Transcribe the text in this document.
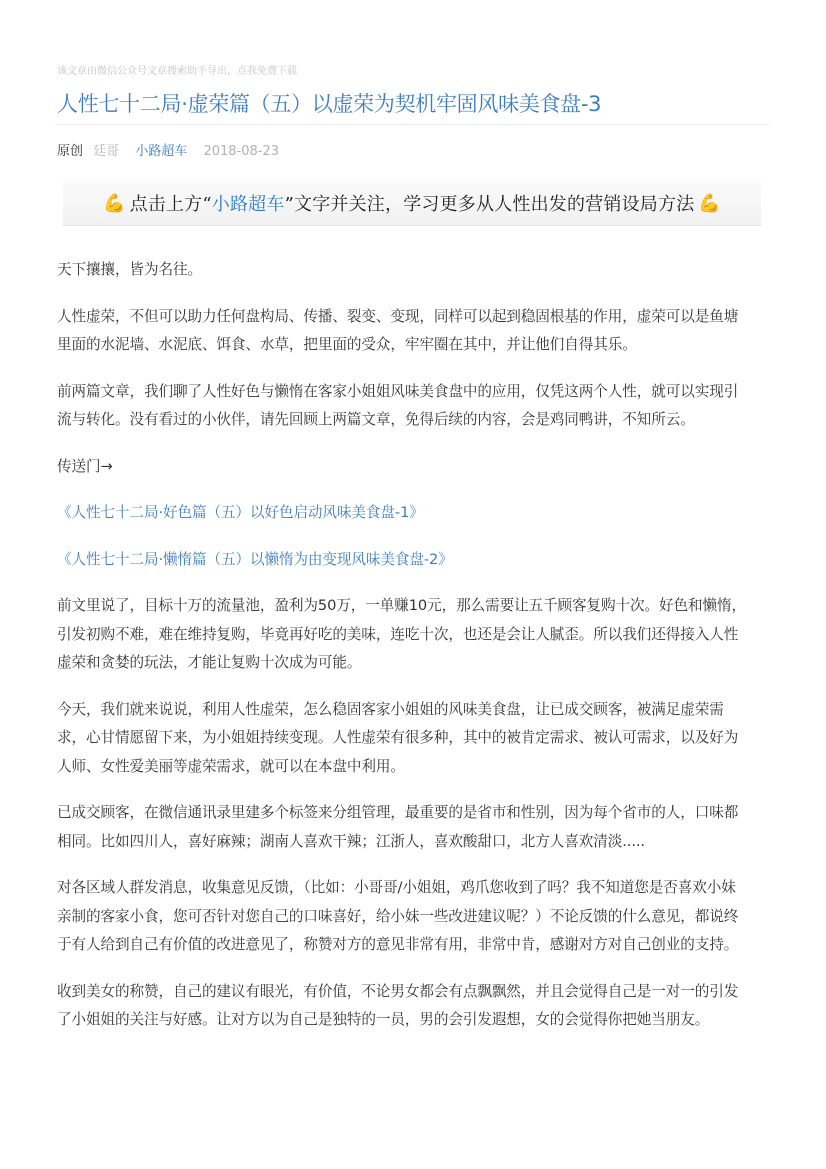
该文章由微信公众号文章搜索助手导出，点我免费下载
人性七十二局·虚荣篇（五）以虚荣为契机牢固风味美食盘-3
原创 廷哥 小路超车 2018-08-23
💪 点击上方“ 小路超车 ”文字并关注，学习更多从人性出发的营销设局方法 💪

天下攘攘，皆为名往。

人性虚荣，不但可以助力任何盘构局、传播、裂变、变现，同样可以起到稳固根基的作用，虚荣可以是鱼塘
里面的水泥墙、水泥底、饵食、水草，把里面的受众，牢牢圈在其中，并让他们自得其乐。

前两篇文章，我们聊了人性好色与懒惰在客家小姐姐风味美食盘中的应用，仅凭这两个人性，就可以实现引
流与转化。没有看过的小伙伴，请先回顾上两篇文章，免得后续的内容，会是鸡同鸭讲，不知所云。

传送门→

《人性七十二局·好色篇（五）以好色启动风味美食盘-1》

《人性七十二局·懒惰篇（五）以懒惰为由变现风味美食盘-2》

前文里说了，目标十万的流量池，盈利为50万，一单赚10元，那么需要让五千顾客复购十次。好色和懒惰，
引发初购不难，难在维持复购，毕竟再好吃的美味，连吃十次，也还是会让人腻歪。所以我们还得接入人性
虚荣和贪婪的玩法，才能让复购十次成为可能。

今天，我们就来说说，利用人性虚荣，怎么稳固客家小姐姐的风味美食盘，让已成交顾客，被满足虚荣需
求，心甘情愿留下来，为小姐姐持续变现。人性虚荣有很多种，其中的被肯定需求、被认可需求，以及好为
人师、女性爱美丽等虚荣需求，就可以在本盘中利用。

已成交顾客，在微信通讯录里建多个标签来分组管理，最重要的是省市和性别，因为每个省市的人，口味都
相同。比如四川人，喜好麻辣；湖南人喜欢干辣；江浙人，喜欢酸甜口，北方人喜欢清淡.....

对各区域人群发消息，收集意见反馈，（比如：小哥哥/小姐姐，鸡爪您收到了吗？我不知道您是否喜欢小妹
亲制的客家小食，您可否针对您自己的口味喜好，给小妹一些改进建议呢？）不论反馈的什么意见，都说终
于有人给到自己有价值的改进意见了，称赞对方的意见非常有用，非常中肯，感谢对方对自己创业的支持。

收到美女的称赞，自己的建议有眼光，有价值，不论男女都会有点飘飘然，并且会觉得自己是一对一的引发
了小姐姐的关注与好感。让对方以为自己是独特的一员，男的会引发遐想，女的会觉得你把她当朋友。
